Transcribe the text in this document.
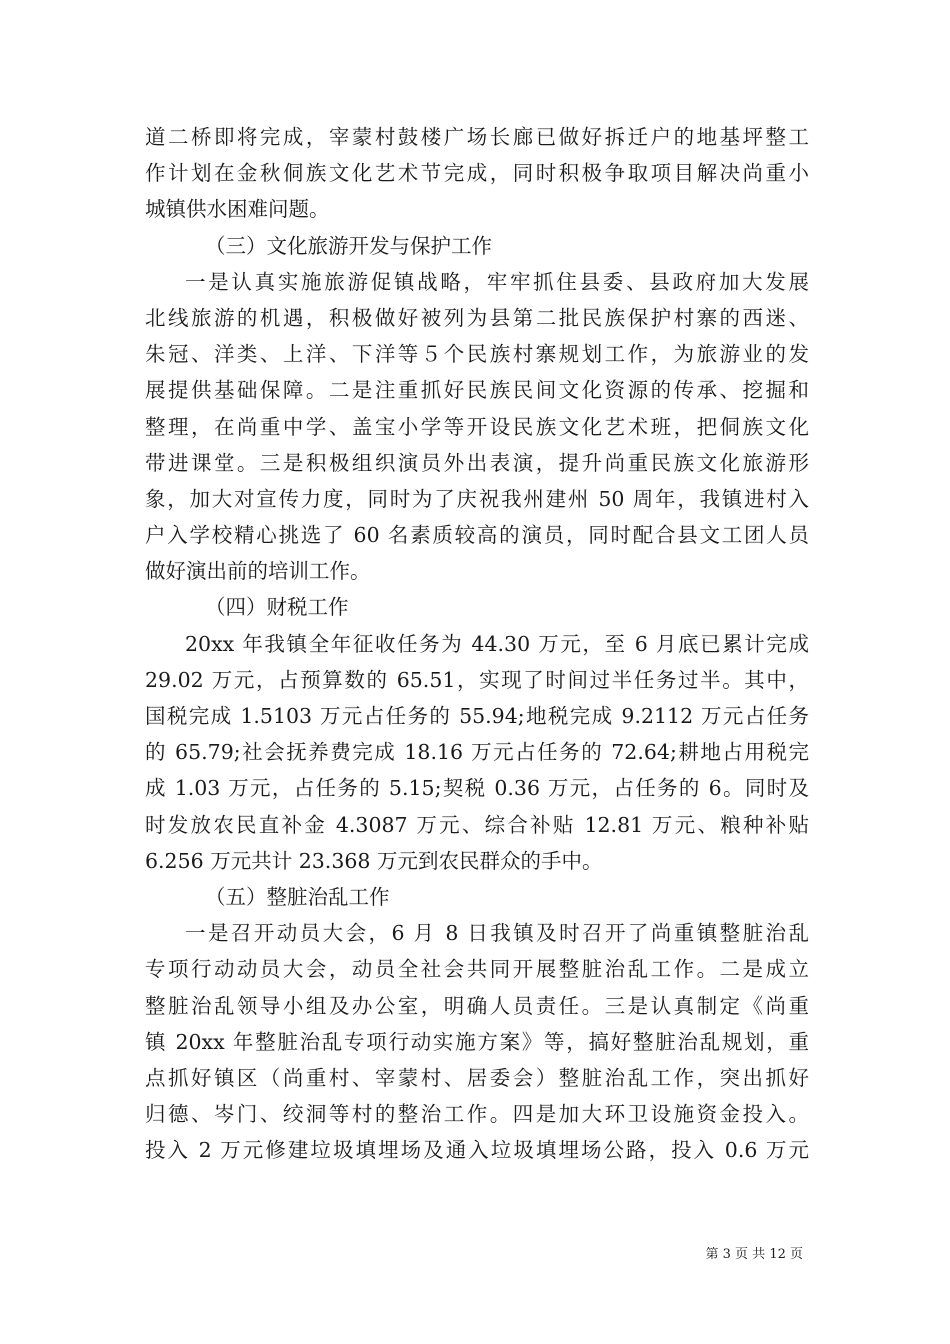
道二桥即将完成，宰蒙村鼓楼广场长廊已做好拆迁户的地基坪整工
作计划在金秋侗族文化艺术节完成，同时积极争取项目解决尚重小
城镇供水困难问题。
（三）文化旅游开发与保护工作
一是认真实施旅游促镇战略，牢牢抓住县委、县政府加大发展
北线旅游的机遇，积极做好被列为县第二批民族保护村寨的西迷、
朱冠、洋类、上洋、下洋等５个民族村寨规划工作，为旅游业的发
展提供基础保障。二是注重抓好民族民间文化资源的传承、挖掘和
整理，在尚重中学、盖宝小学等开设民族文化艺术班，把侗族文化
带进课堂。三是积极组织演员外出表演，提升尚重民族文化旅游形
象，加大对宣传力度，同时为了庆祝我州建州 50 周年，我镇进村入
户入学校精心挑选了 60 名素质较高的演员，同时配合县文工团人员
做好演出前的培训工作。
（四）财税工作
20xx 年我镇全年征收任务为 44.30 万元，至 6 月底已累计完成
29.02 万元，占预算数的 65.51，实现了时间过半任务过半。其中，
国税完成 1.5103 万元占任务的 55.94;地税完成 9.2112 万元占任务
的 65.79;社会抚养费完成 18.16 万元占任务的 72.64;耕地占用税完
成 1.03 万元，占任务的 5.15;契税 0.36 万元，占任务的 6。同时及
时发放农民直补金 4.3087 万元、综合补贴 12.81 万元、粮种补贴
6.256 万元共计 23.368 万元到农民群众的手中。
（五）整脏治乱工作
一是召开动员大会，6 月 8 日我镇及时召开了尚重镇整脏治乱
专项行动动员大会，动员全社会共同开展整脏治乱工作。二是成立
整脏治乱领导小组及办公室，明确人员责任。三是认真制定《尚重
镇 20xx 年整脏治乱专项行动实施方案》等，搞好整脏治乱规划，重
点抓好镇区（尚重村、宰蒙村、居委会）整脏治乱工作，突出抓好
归德、岑门、绞洞等村的整治工作。四是加大环卫设施资金投入。
投入 2 万元修建垃圾填埋场及通入垃圾填埋场公路，投入 0.6 万元
第 3 页 共 12 页
